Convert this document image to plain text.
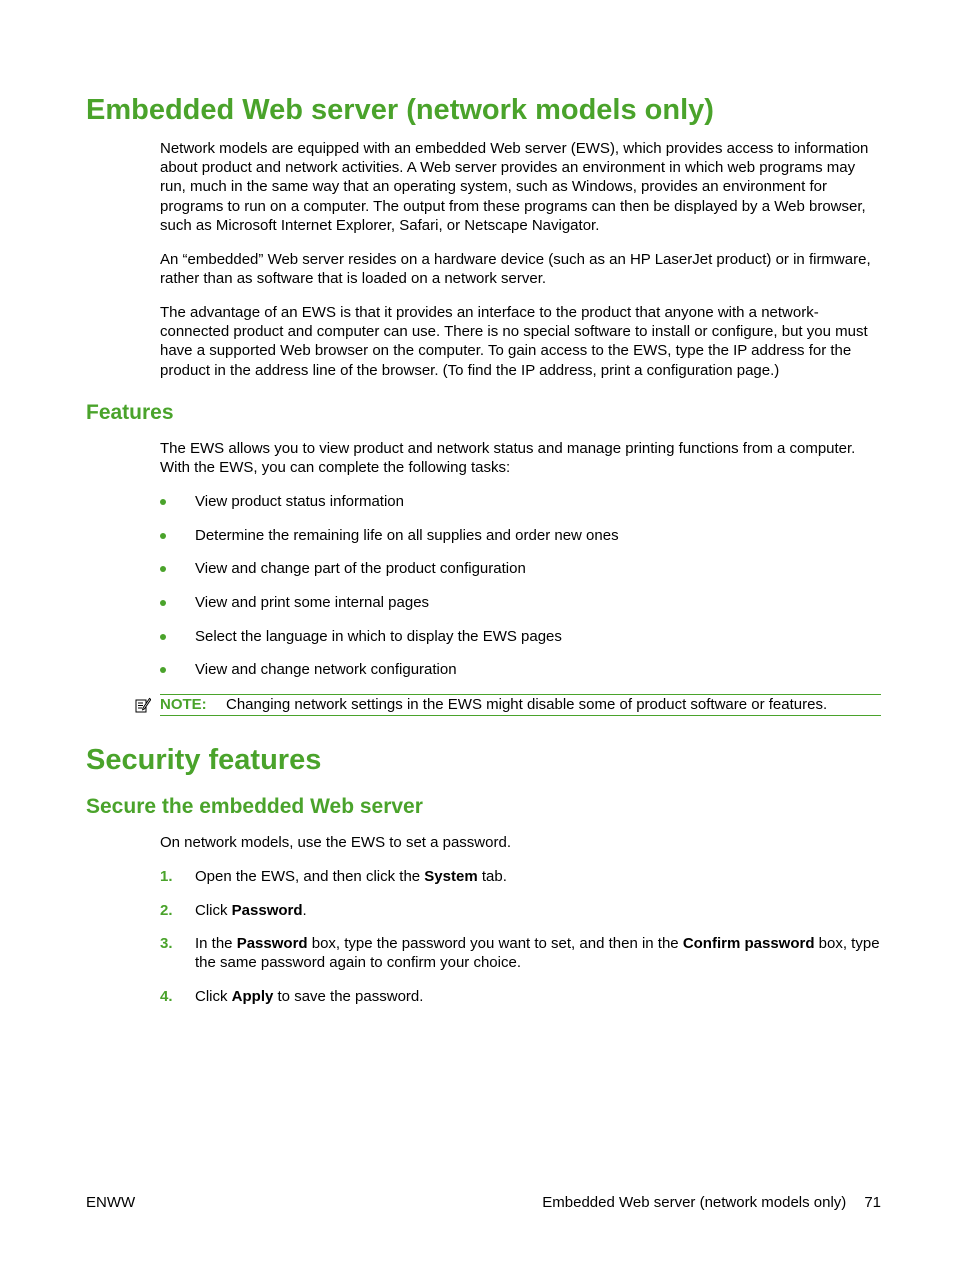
Embedded Web server (network models only)

Network models are equipped with an embedded Web server (EWS), which provides access to information about product and network activities. A Web server provides an environment in which web programs may run, much in the same way that an operating system, such as Windows, provides an environment for programs to run on a computer. The output from these programs can then be displayed by a Web browser, such as Microsoft Internet Explorer, Safari, or Netscape Navigator.

An “embedded” Web server resides on a hardware device (such as an HP LaserJet product) or in firmware, rather than as software that is loaded on a network server.

The advantage of an EWS is that it provides an interface to the product that anyone with a network-connected product and computer can use. There is no special software to install or configure, but you must have a supported Web browser on the computer. To gain access to the EWS, type the IP address for the product in the address line of the browser. (To find the IP address, print a configuration page.)

Features

The EWS allows you to view product and network status and manage printing functions from a computer. With the EWS, you can complete the following tasks:

View product status information
Determine the remaining life on all supplies and order new ones
View and change part of the product configuration
View and print some internal pages
Select the language in which to display the EWS pages
View and change network configuration
NOTE: Changing network settings in the EWS might disable some of product software or features.
Security features
Secure the embedded Web server

On network models, use the EWS to set a password.

1. Open the EWS, and then click the System tab.
2. Click Password.
3. In the Password box, type the password you want to set, and then in the Confirm password box, type the same password again to confirm your choice.
4. Click Apply to save the password.
ENWW	Embedded Web server (network models only) 71
